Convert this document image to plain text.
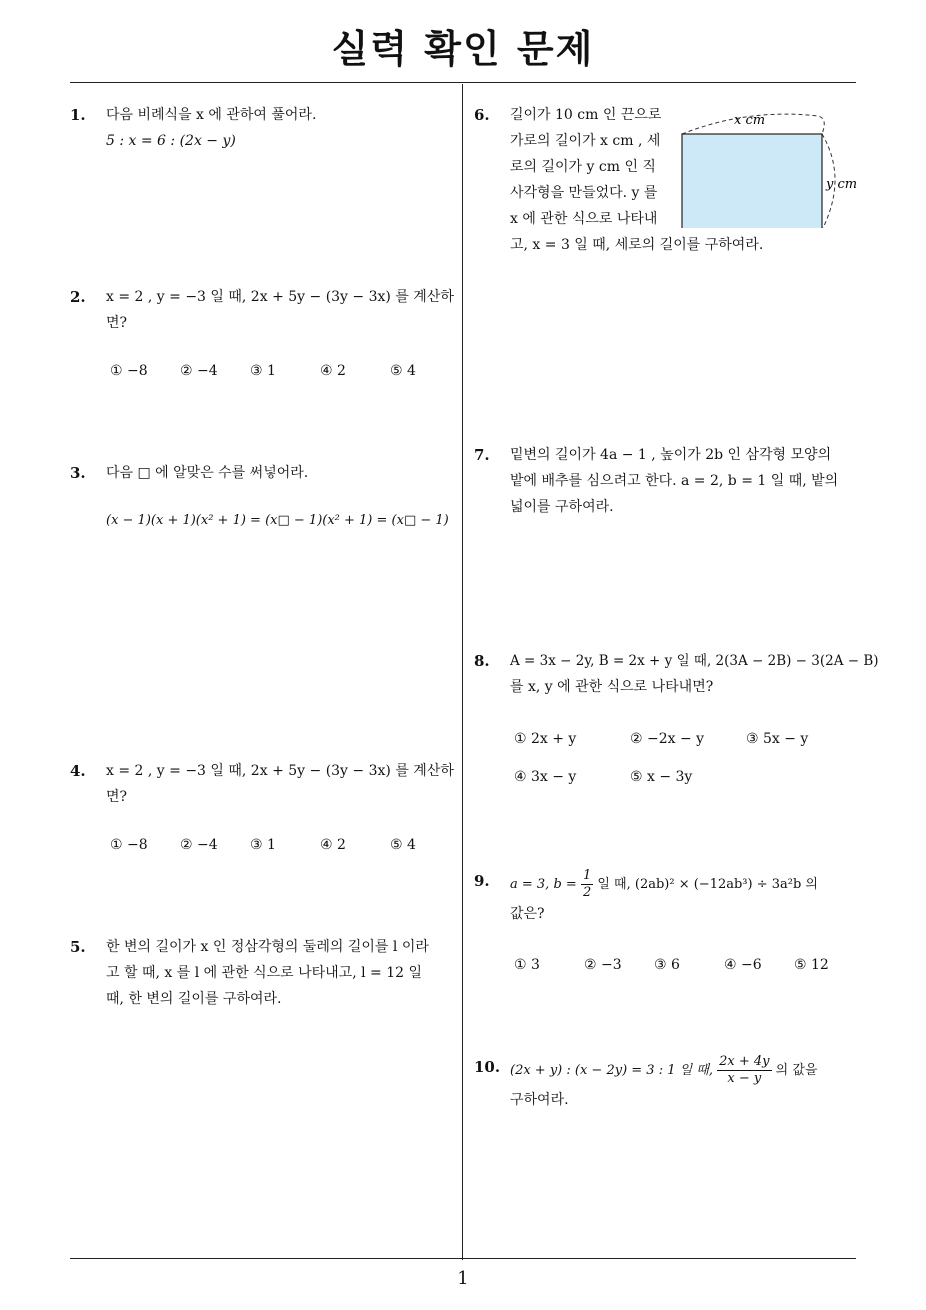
실력 확인 문제
1. 다음 비례식을 x 에 관하여 풀어라.
5 : x = 6 : (2x − y)
2. x = 2 , y = −3 일 때, 2x + 5y − (3y − 3x) 를 계산하
면?
① −8 ② −4 ③ 1	④ 2	⑤ 4
3. 다음 □ 에 알맞은 수를 써넣어라.
(x − 1)(x + 1)(x² + 1) = (x□ − 1)(x² + 1) = (x□ − 1)
4. x = 2 , y = −3 일 때, 2x + 5y − (3y − 3x) 를 계산하
면?
① −8 ② −4 ③ 1	④ 2	⑤ 4
5. 한 변의 길이가 x 인 정삼각형의 둘레의 길이를 l 이라
고 할 때, x 를 l 에 관한 식으로 나타내고, l = 12 일
때, 한 변의 길이를 구하여라.
6. 길이가 10 cm 인 끈으로
가로의 길이가 x cm , 세
로의 길이가 y cm 인 직
사각형을 만들었다. y 를
x 에 관한 식으로 나타내
고, x = 3 일 때, 세로의 길이를 구하여라.
x cm
y cm
7. 밑변의 길이가 4a − 1 , 높이가 2b 인 삼각형 모양의
밭에 배추를 심으려고 한다. a = 2, b = 1 일 때, 밭의
넓이를 구하여라.
8. A = 3x − 2y, B = 2x + y 일 때, 2(3A − 2B) − 3(2A − B)
를 x, y 에 관한 식으로 나타내면?
① 2x + y	② −2x − y	③ 5x − y
④ 3x − y	⑤ x − 3y
9. a = 3, $b = \frac{1}{2}$ 일 때, (2ab)² × (−12ab³) ÷ 3a²b 의
값은?
① 3	② −3 ③ 6	④ −6 ⑤ 12
10. (2x + y) : (x − 2y) = 3 : 1 일 때, $\frac{2x + 4y}{x - y}$ 의 값을
구하여라.
1
